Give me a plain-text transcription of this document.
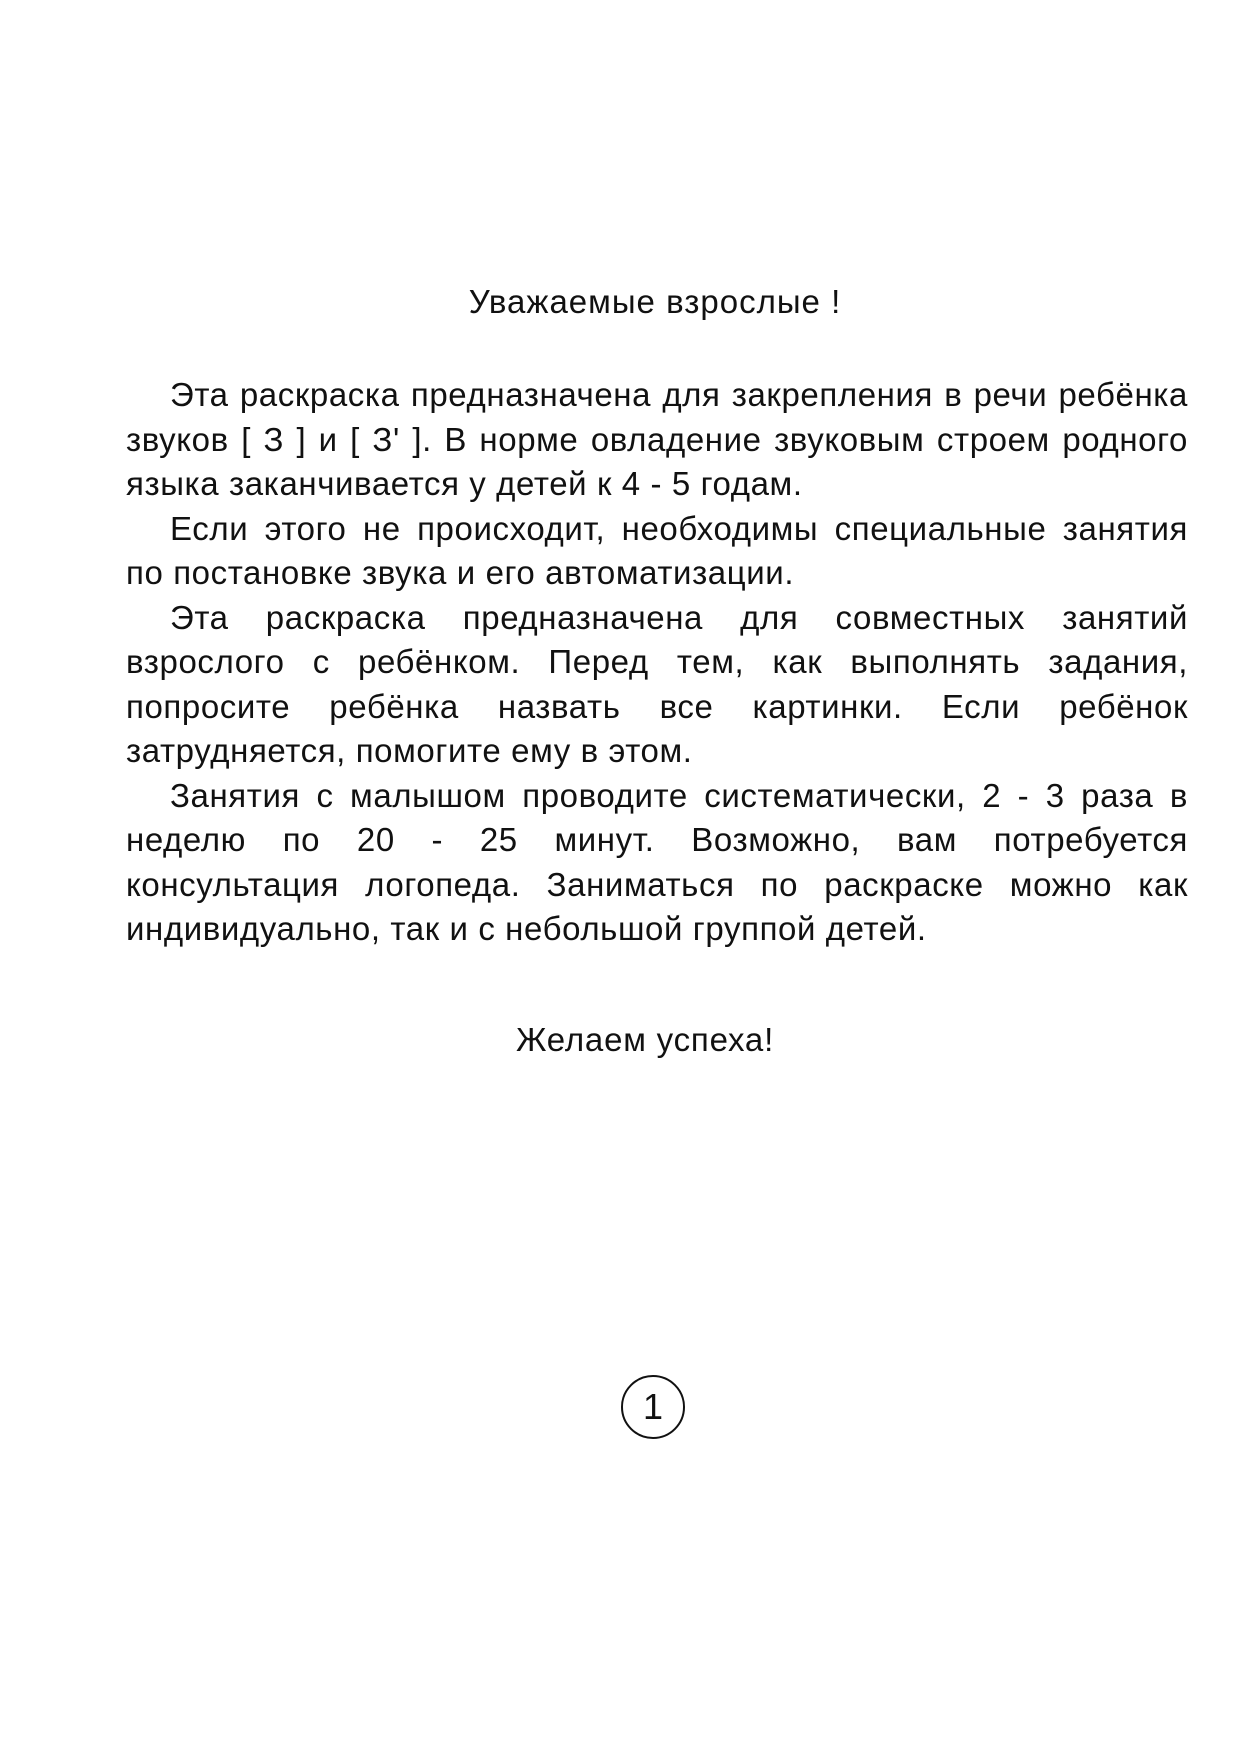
Уважаемые взрослые !

Эта раскраска предназначена для закрепления в речи ребёнка звуков [ З ] и [ З' ]. В норме овладение звуковым строем родного языка заканчивается у детей к 4 - 5 годам.

Если этого не происходит, необходимы специальные занятия по постановке звука и его автоматизации.

Эта раскраска предназначена для совместных занятий взрослого с ребёнком. Перед тем, как выполнять задания, попросите ребёнка назвать все картинки. Если ребёнок затрудняется, помогите ему в этом.

Занятия с малышом проводите систематически, 2 - 3 раза в неделю по 20 - 25 минут. Возможно, вам потребуется консультация логопеда. Заниматься по раскраске можно как индивидуально, так и с небольшой группой детей.

Желаем успеха!
1
